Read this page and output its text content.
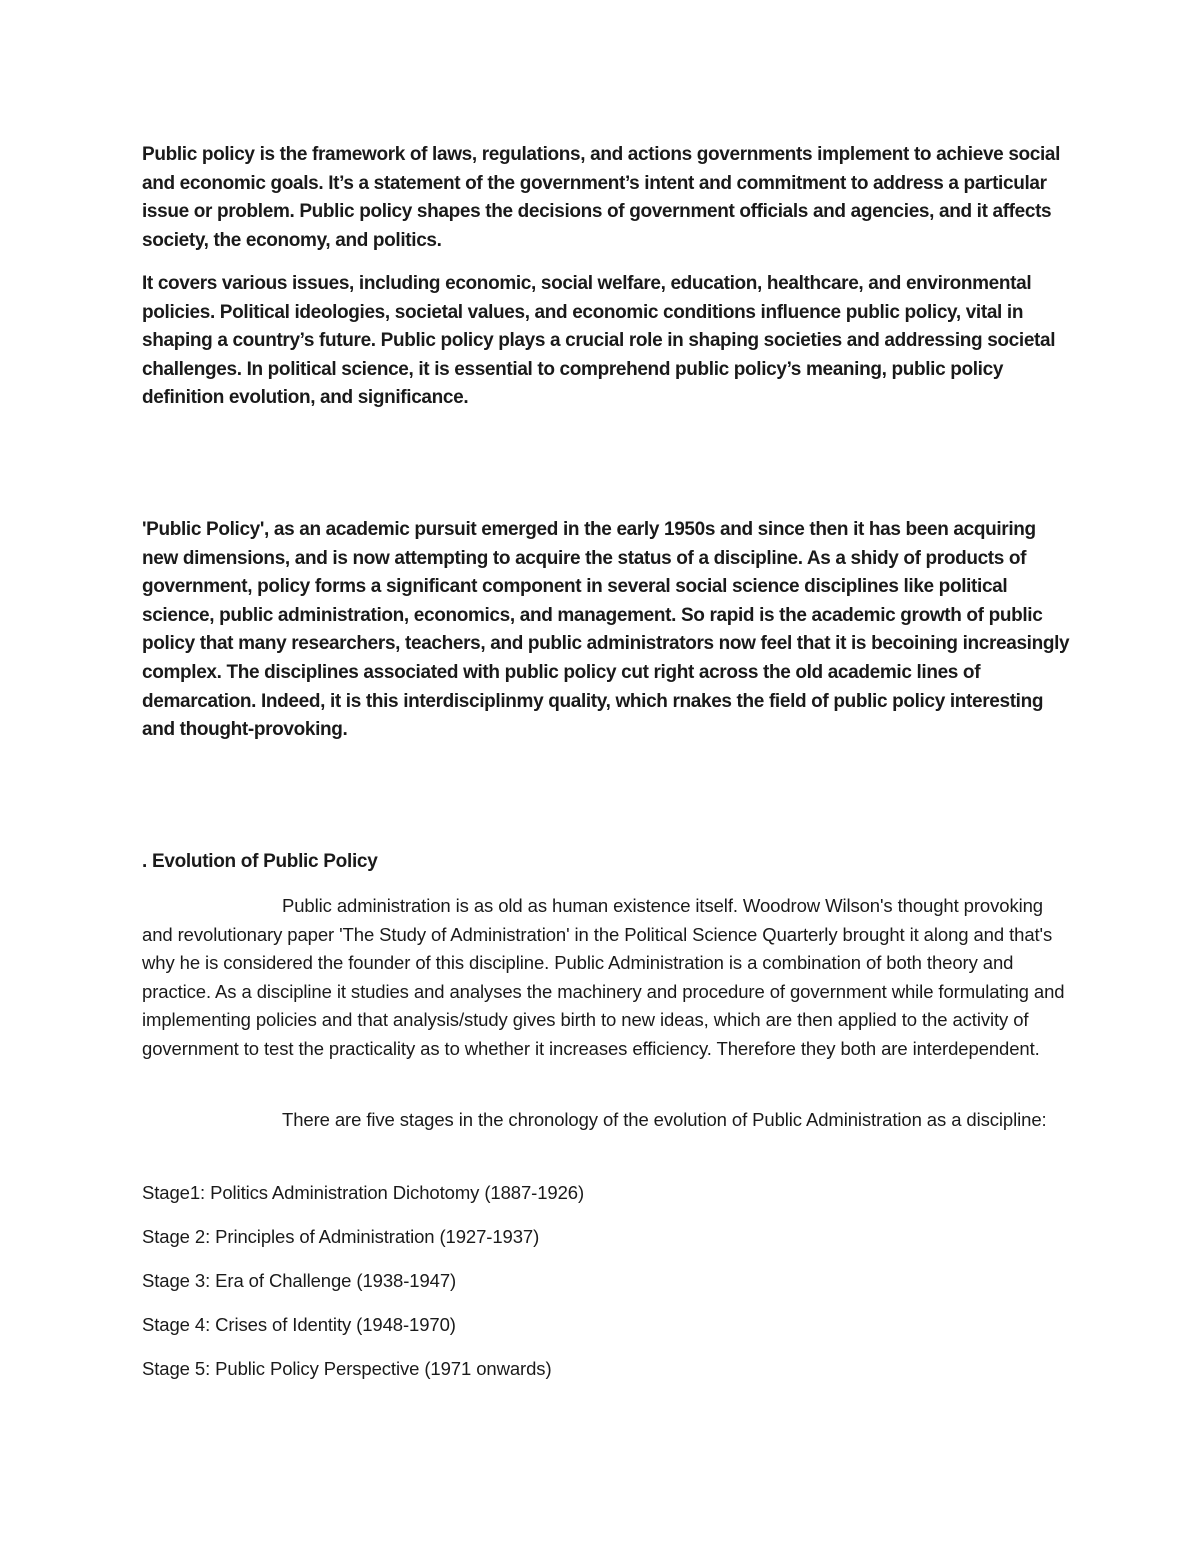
Public policy is the framework of laws, regulations, and actions governments implement to achieve social and economic goals. It’s a statement of the government’s intent and commitment to address a particular issue or problem. Public policy shapes the decisions of government officials and agencies, and it affects society, the economy, and politics.

It covers various issues, including economic, social welfare, education, healthcare, and environmental policies. Political ideologies, societal values, and economic conditions influence public policy, vital in shaping a country’s future. Public policy plays a crucial role in shaping societies and addressing societal challenges. In political science, it is essential to comprehend public policy’s meaning, public policy definition evolution, and significance.

'Public Policy', as an academic pursuit emerged in the early 1950s and since then it has been acquiring new dimensions, and is now attempting to acquire the status of a discipline. As a shidy of products of government, policy forms a significant component in several social science disciplines like political science, public administration, economics, and management. So rapid is the academic growth of public policy that many researchers, teachers, and public administrators now feel that it is becoining increasingly complex. The disciplines associated with public policy cut right across the old academic lines of demarcation. Indeed, it is this interdisciplinmy quality, which rnakes the field of public policy interesting and thought-provoking.

. Evolution of Public Policy

Public administration is as old as human existence itself. Woodrow Wilson's thought provoking and revolutionary paper 'The Study of Administration' in the Political Science Quarterly brought it along and that's why he is considered the founder of this discipline. Public Administration is a combination of both theory and practice. As a discipline it studies and analyses the machinery and procedure of government while formulating and implementing policies and that analysis/study gives birth to new ideas, which are then applied to the activity of government to test the practicality as to whether it increases efficiency. Therefore they both are interdependent.

There are five stages in the chronology of the evolution of Public Administration as a discipline:

Stage1: Politics Administration Dichotomy (1887-1926)

Stage 2: Principles of Administration (1927-1937)

Stage 3: Era of Challenge (1938-1947)

Stage 4: Crises of Identity (1948-1970)

Stage 5: Public Policy Perspective (1971 onwards)
